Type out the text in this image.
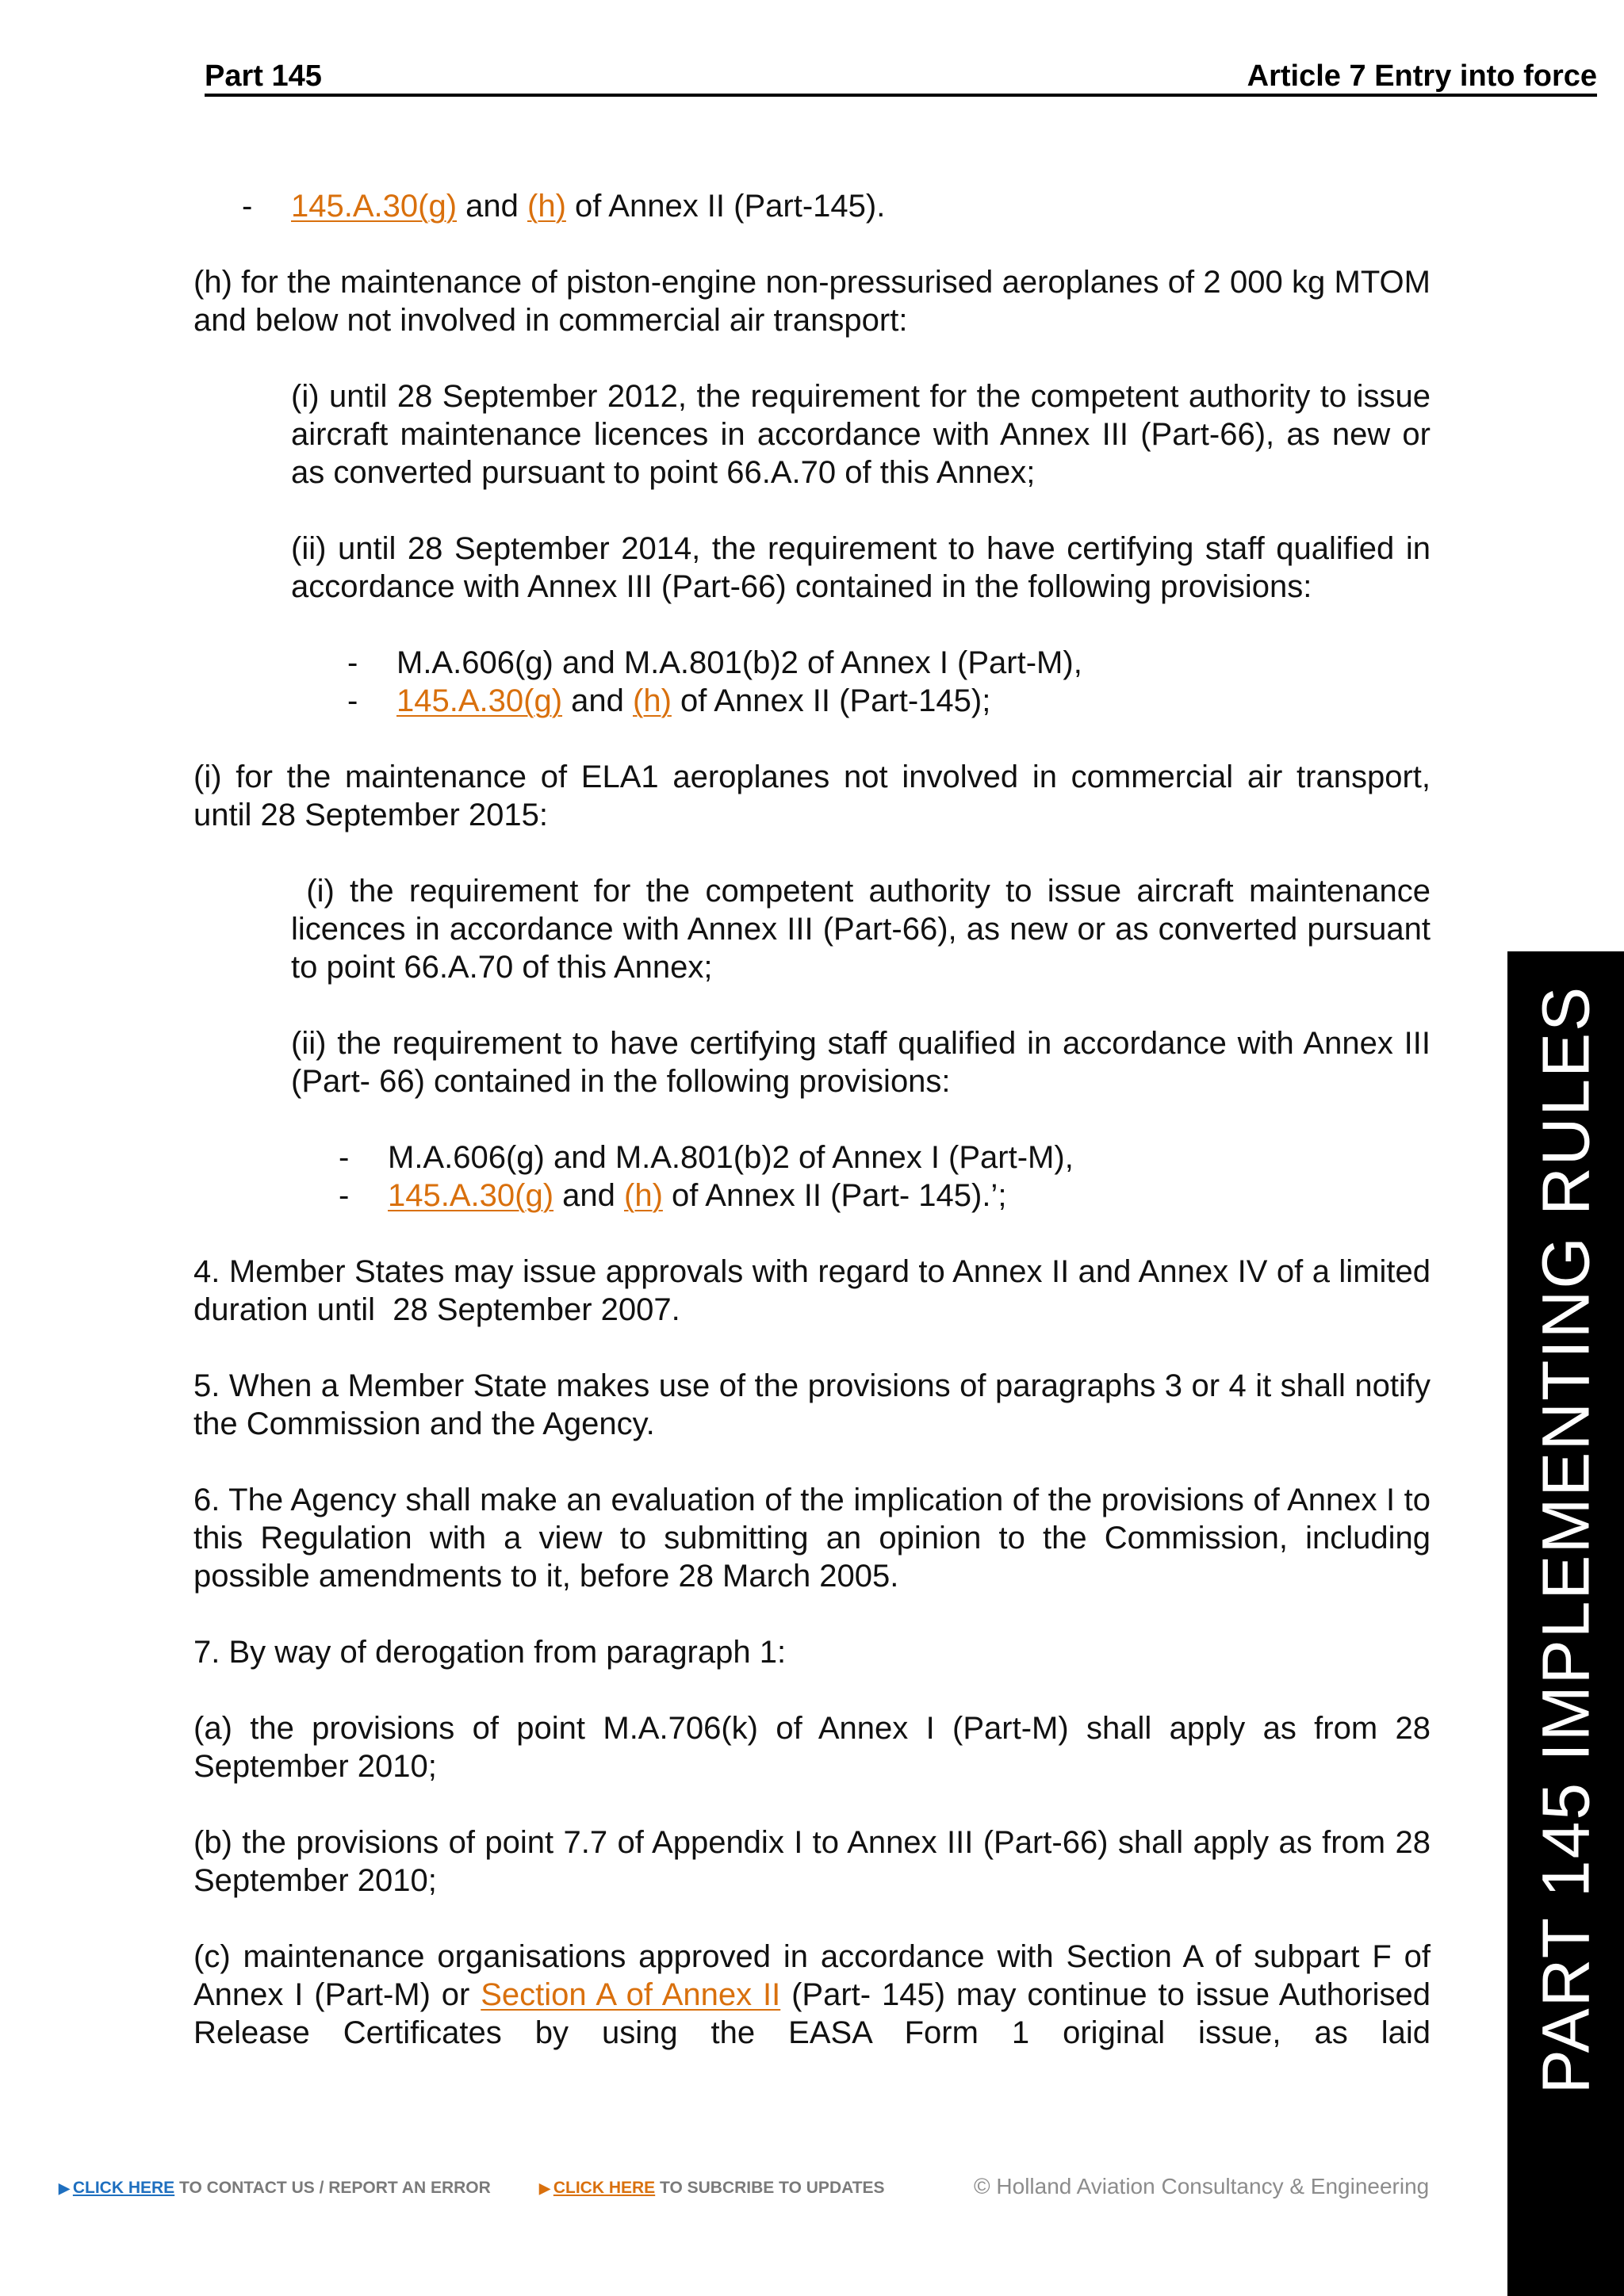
Part 145	Article 7 Entry into force
- 145.A.30(g) and (h) of Annex II (Part-145).

(h) for the maintenance of piston-engine non-pressurised aeroplanes of 2 000 kg MTOM and below not involved in commercial air transport:

(i) until 28 September 2012, the requirement for the competent authority to issue aircraft maintenance licences in accordance with Annex III (Part-66), as new or as converted pursuant to point 66.A.70 of this Annex;

(ii) until 28 September 2014, the requirement to have certifying staff qualified in accordance with Annex III (Part-66) contained in the following provisions:

- M.A.606(g) and M.A.801(b)2 of Annex I (Part-M),
- 145.A.30(g) and (h) of Annex II (Part-145);

(i) for the maintenance of ELA1 aeroplanes not involved in commercial air transport, until 28 September 2015:

(i) the requirement for the competent authority to issue aircraft maintenance licences in accordance with Annex III (Part-66), as new or as converted pursuant to point 66.A.70 of this Annex;

(ii) the requirement to have certifying staff qualified in accordance with Annex III (Part- 66) contained in the following provisions:

- M.A.606(g) and M.A.801(b)2 of Annex I (Part-M),
- 145.A.30(g) and (h) of Annex II (Part- 145).’;

4. Member States may issue approvals with regard to Annex II and Annex IV of a limited duration until  28 September 2007.

5. When a Member State makes use of the provisions of paragraphs 3 or 4 it shall notify the Commission and the Agency.

6. The Agency shall make an evaluation of the implication of the provisions of Annex I to this Regulation with a view to submitting an opinion to the Commission, including possible amendments to it, before 28 March 2005.

7. By way of derogation from paragraph 1:

(a) the provisions of point M.A.706(k) of Annex I (Part-M) shall apply as from 28 September 2010;

(b) the provisions of point 7.7 of Appendix I to Annex III (Part-66) shall apply as from 28 September 2010;

(c) maintenance organisations approved in accordance with Section A of subpart F of Annex I (Part-M) or Section A of Annex II (Part- 145) may continue to issue Authorised Release Certificates by using the EASA Form 1 original issue, as laid PART 145 IMPLEMENTING RULES
▶ CLICK HERE TO CONTACT US / REPORT AN ERROR	▶ CLICK HERE TO SUBCRIBE TO UPDATES	© Holland Aviation Consultancy & Engineering
